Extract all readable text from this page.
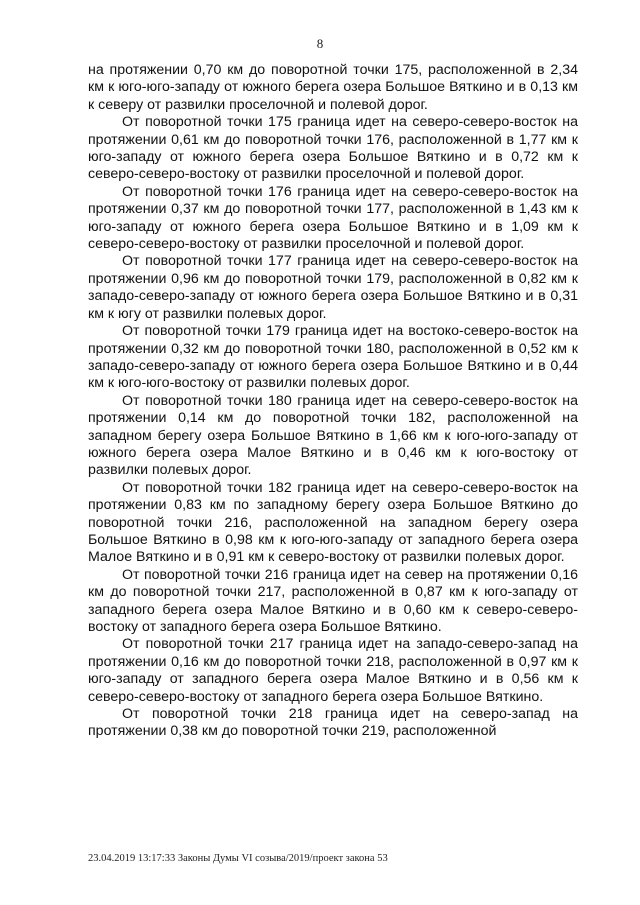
8

на протяжении 0,70 км до поворотной точки 175, расположенной в 2,34 км к юго-юго-западу от южного берега озера Большое Вяткино и в 0,13 км к северу от развилки проселочной и полевой дорог.

От поворотной точки 175 граница идет на северо-северо-восток на протяжении 0,61 км до поворотной точки 176, расположенной в 1,77 км к юго-западу от южного берега озера Большое Вяткино и в 0,72 км к северо-северо-востоку от развилки проселочной и полевой дорог.

От поворотной точки 176 граница идет на северо-северо-восток на протяжении 0,37 км до поворотной точки 177, расположенной в 1,43 км к юго-западу от южного берега озера Большое Вяткино и в 1,09 км к северо-северо-востоку от развилки проселочной и полевой дорог.

От поворотной точки 177 граница идет на северо-северо-восток на протяжении 0,96 км до поворотной точки 179, расположенной в 0,82 км к западо-северо-западу от южного берега озера Большое Вяткино и в 0,31 км к югу от развилки полевых дорог.

От поворотной точки 179 граница идет на востоко-северо-восток на протяжении 0,32 км до поворотной точки 180, расположенной в 0,52 км к западо-северо-западу от южного берега озера Большое Вяткино и в 0,44 км к юго-юго-востоку от развилки полевых дорог.

От поворотной точки 180 граница идет на северо-северо-восток на протяжении 0,14 км до поворотной точки 182, расположенной на западном берегу озера Большое Вяткино в 1,66 км к юго-юго-западу от южного берега озера Малое Вяткино и в 0,46 км к юго-востоку от развилки полевых дорог.

От поворотной точки 182 граница идет на северо-северо-восток на протяжении 0,83 км по западному берегу озера Большое Вяткино до поворотной точки 216, расположенной на западном берегу озера Большое Вяткино в 0,98 км к юго-юго-западу от западного берега озера Малое Вяткино и в 0,91 км к северо-востоку от развилки полевых дорог.

От поворотной точки 216 граница идет на север на протяжении 0,16 км до поворотной точки 217, расположенной в 0,87 км к юго-западу от западного берега озера Малое Вяткино и в 0,60 км к северо-северо-востоку от западного берега озера Большое Вяткино.

От поворотной точки 217 граница идет на западо-северо-запад на протяжении 0,16 км до поворотной точки 218, расположенной в 0,97 км к юго-западу от западного берега озера Малое Вяткино и в 0,56 км к северо-северо-востоку от западного берега озера Большое Вяткино.

От поворотной точки 218 граница идет на северо-запад на протяжении 0,38 км до поворотной точки 219, расположенной

23.04.2019 13:17:33 Законы Думы VI созыва/2019/проект закона 53
